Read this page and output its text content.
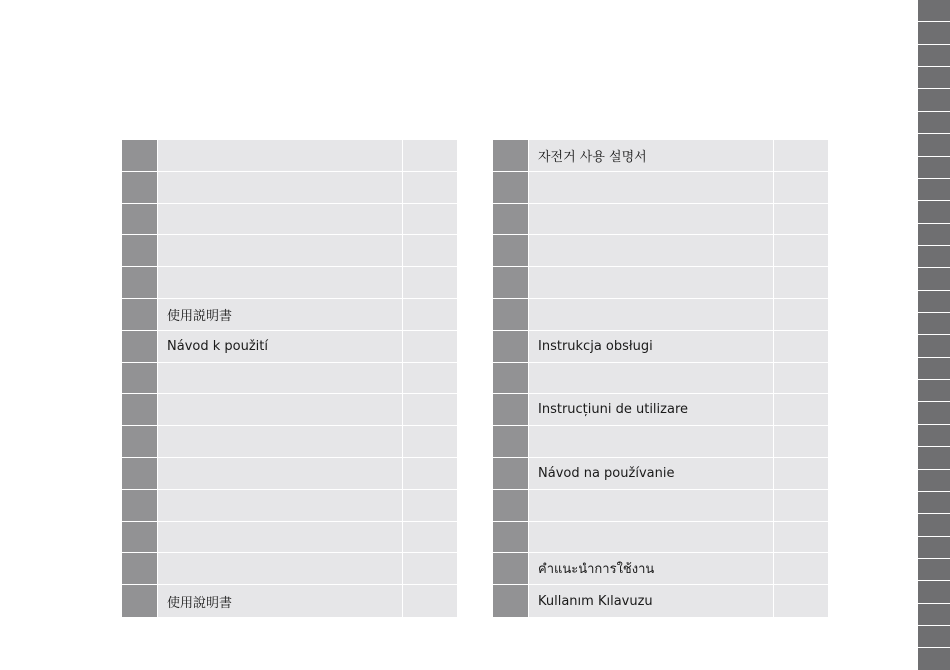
使用説明書
Návod k použití
使用說明書
자전거 사용 설명서
Instrukcja obsługi
Instrucțiuni de utilizare
Návod na používanie
คำแนะนำการใช้งาน
Kullanım Kılavuzu
